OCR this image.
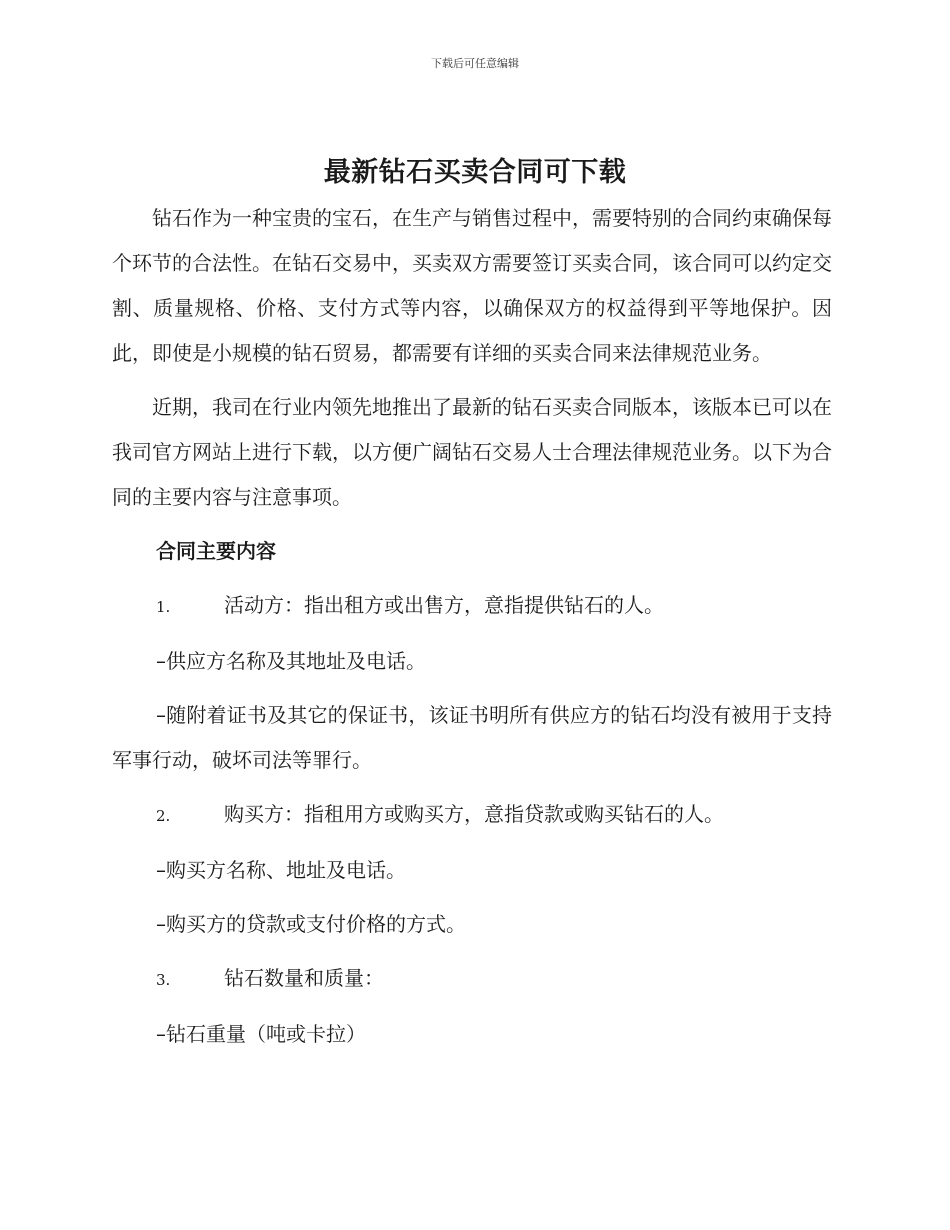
下载后可任意编辑
最新钻石买卖合同可下载

钻石作为一种宝贵的宝石，在生产与销售过程中，需要特别的合同约束确保每个环节的合法性。在钻石交易中，买卖双方需要签订买卖合同，该合同可以约定交割、质量规格、价格、支付方式等内容，以确保双方的权益得到平等地保护。因此，即使是小规模的钻石贸易，都需要有详细的买卖合同来法律规范业务。

近期，我司在行业内领先地推出了最新的钻石买卖合同版本，该版本已可以在我司官方网站上进行下载，以方便广阔钻石交易人士合理法律规范业务。以下为合同的主要内容与注意事项。

合同主要内容

1.	活动方：指出租方或出售方，意指提供钻石的人。

–供应方名称及其地址及电话。

–随附着证书及其它的保证书，该证书明所有供应方的钻石均没有被用于支持军事行动，破坏司法等罪行。

2.	购买方：指租用方或购买方，意指贷款或购买钻石的人。

–购买方名称、地址及电话。

–购买方的贷款或支付价格的方式。

3.	钻石数量和质量：

–钻石重量（吨或卡拉）
